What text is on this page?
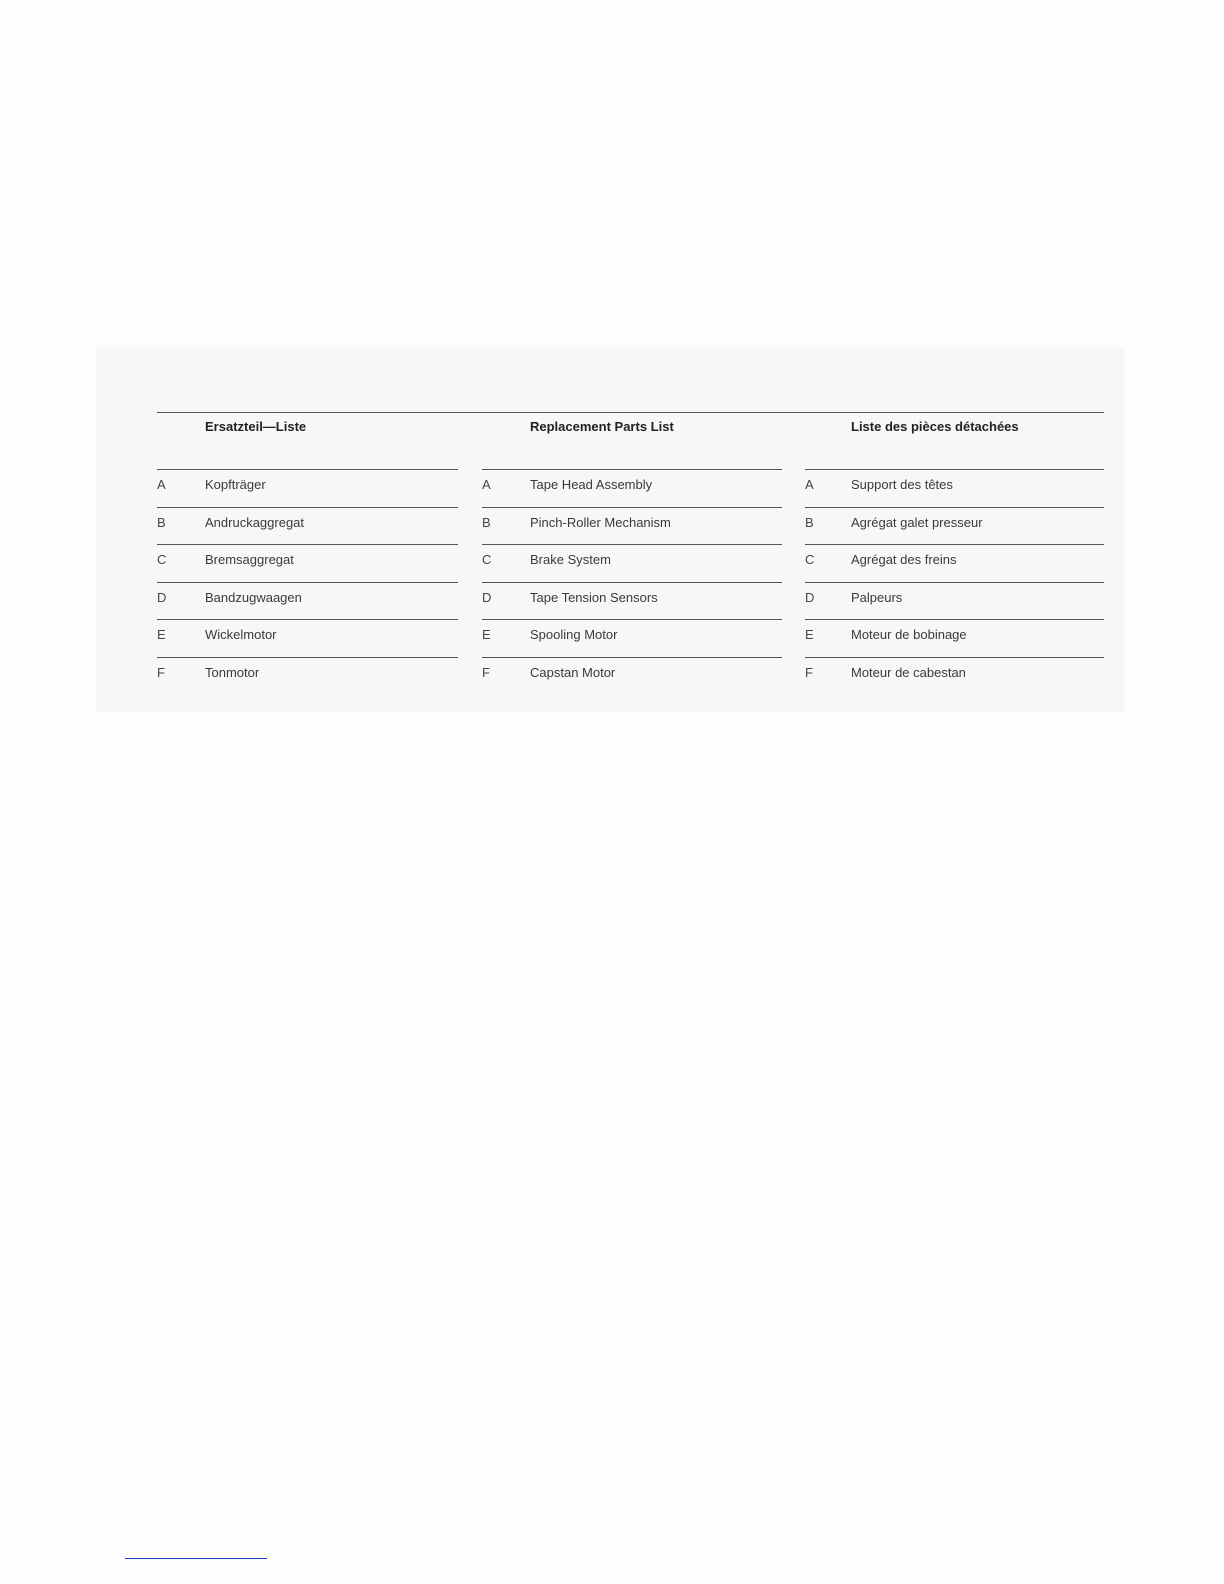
Ersatzteil—Liste
A	Kopfträger
B	Andruckaggregat
C	Bremsaggregat
D	Bandzugwaagen
E	Wickelmotor
F	Tonmotor
Replacement Parts List
A	Tape Head Assembly
B	Pinch-Roller Mechanism
C	Brake System
D	Tape Tension Sensors
E	Spooling Motor
F	Capstan Motor
Liste des pièces détachées
A	Support des têtes
B	Agrégat galet presseur
C	Agrégat des freins
D	Palpeurs
E	Moteur de bobinage
F	Moteur de cabestan
